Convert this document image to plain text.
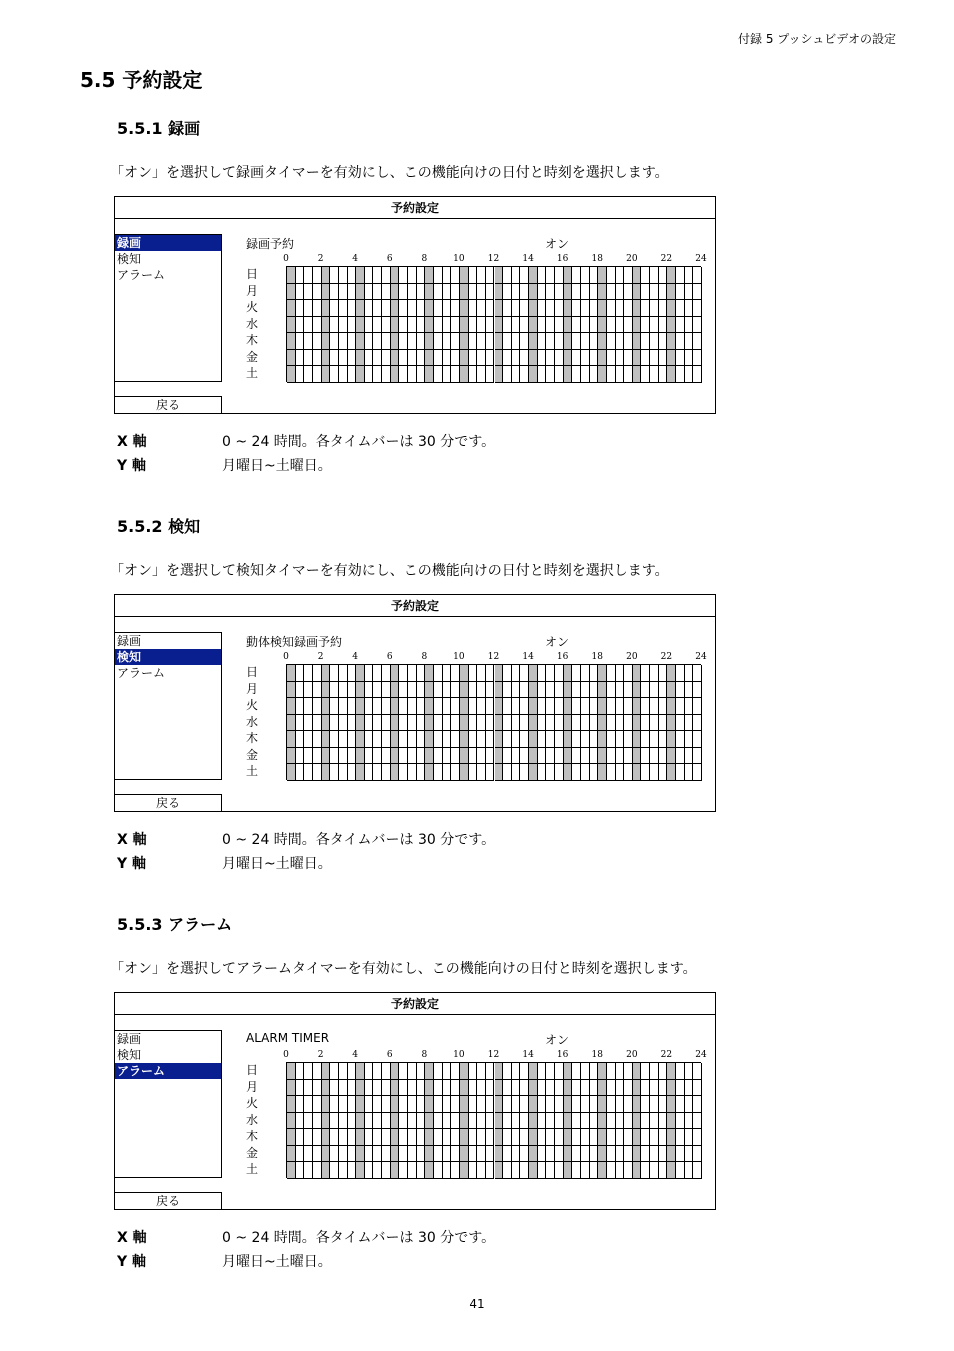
付録 5 プッシュビデオの設定
5.5 予約設定
5.5.1 録画
「オン」を選択して録画タイマーを有効にし、この機能向けの日付と時刻を選択します。
予約設定
録画
検知
アラーム
録画予約	オン
0	2	4	6	8	10	12	14	16	18	20	22	24
日
月
火
水
木
金
土
戻る
X 軸	0 ~ 24 時間。各タイムバーは 30 分です。
Y 軸	月曜日~土曜日。
5.5.2 検知
「オン」を選択して検知タイマーを有効にし、この機能向けの日付と時刻を選択します。
予約設定
録画
検知
アラーム
動体検知録画予約	オン
0	2	4	6	8	10	12	14	16	18	20	22	24
日
月
火
水
木
金
土
戻る
X 軸	0 ~ 24 時間。各タイムバーは 30 分です。
Y 軸	月曜日~土曜日。
5.5.3 アラーム
「オン」を選択してアラームタイマーを有効にし、この機能向けの日付と時刻を選択します。
予約設定
録画
検知
アラーム
ALARM TIMER	オン
0	2	4	6	8	10	12	14	16	18	20	22	24
日
月
火
水
木
金
土
戻る
X 軸	0 ~ 24 時間。各タイムバーは 30 分です。
Y 軸	月曜日~土曜日。
41
